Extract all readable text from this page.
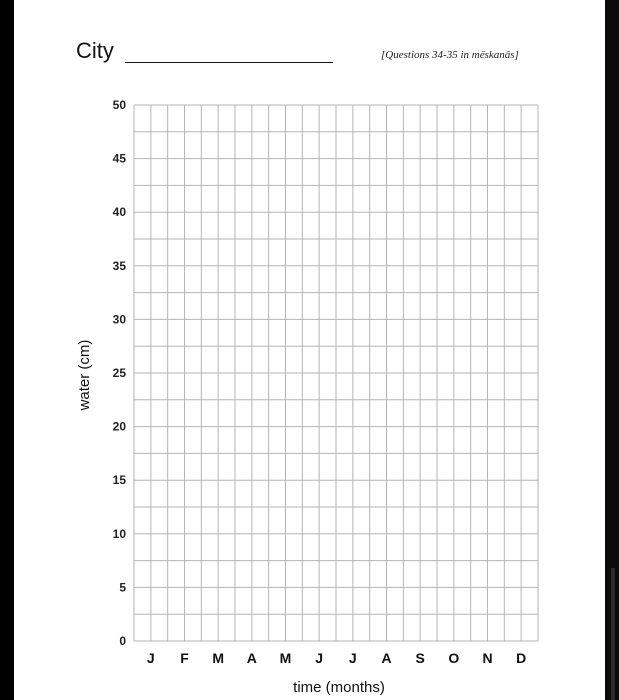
City	[Questions 34-35 in mëskanâs]
0
5
10
15
20
25
30
35
40
45
50
J F M A M J J A S O N D
water (cm)
time (months)
